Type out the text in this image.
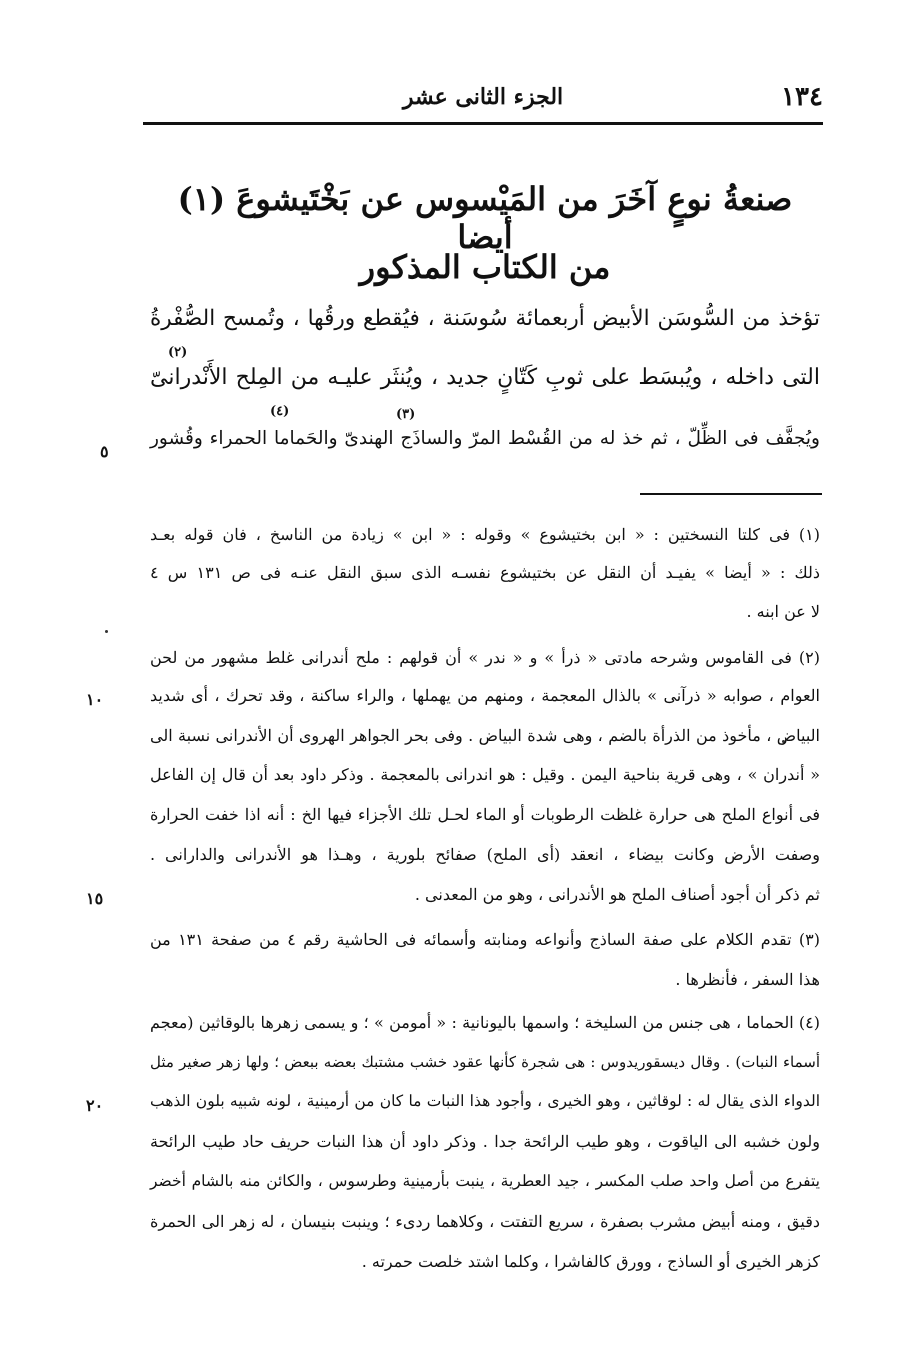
١٣٤
الجزء الثانى عشر
صنعةُ نوعٍ آخَرَ من المَيْسوس عن بَخْتَيشوعَ (١) أيضا
من الكتاب المذكور
تؤخذ من السُّوسَن الأبيض أربعمائة سُوسَنة ، فيُقطع ورقُها ، وتُمسح الصُّفْرةُ
(٢)
التى داخله ، ويُبسَط على ثوبِ كَتّانٍ جديد ، ويُنثَر عليـه من المِلح الأَنْدرانىّ
(٣)
(٤)
ويُجفَّف فى الظِّلّ ، ثم خذ له من القُسْط المرّ والساذَج الهندىّ والحَماما الحمراء وقُشور
٥
(١) فى كلتا النسختين : « ابن بختيشوع » وقوله : « ابن » زيادة من الناسخ ، فان قوله بعـد
ذلك : « أيضا » يفيـد أن النقل عن بختيشوع نفسـه الذى سبق النقل عنـه فى ص ١٣١ س ٤
لا عن ابنه .
(٢) فى القاموس وشرحه مادتى « ذرأ » و « ندر » أن قولهم : ملح أندرانى غلط مشهور من لحن
العوام ، صوابه « ذرآنى » بالذال المعجمة ، ومنهم من يهملها ، والراء ساكنة ، وقد تحرك ، أى شديد
١٠
البياض ، مأخوذ من الذرأة بالضم ، وهى شدة البياض . وفى بحر الجواهر الهروى أن الأندرانى نسبة الى
« أندران » ، وهى قرية بناحية اليمن . وقيل : هو اندرانى بالمعجمة . وذكر داود بعد أن قال إن الفاعل
فى أنواع الملح هى حرارة غلظت الرطوبات أو الماء لحـل تلك الأجزاء فيها الخ : أنه اذا خفت الحرارة
وصفت الأرض وكانت بيضاء ، انعقد (أى الملح) صفائح بلورية ، وهـذا هو الأندرانى والدارانى .
ثم ذكر أن أجود أصناف الملح هو الأندرانى ، وهو من المعدنى .
١٥
(٣) تقدم الكلام على صفة الساذج وأنواعه ومنابته وأسمائه فى الحاشية رقم ٤ من صفحة ١٣١ من
هذا السفر ، فأنظرها .
(٤) الحماما ، هى جنس من السليخة ؛ واسمها باليونانية : « أمومن » ؛ و يسمى زهرها بالوقاثين (معجم
أسماء النبات) . وقال ديسقوريدوس : هى شجرة كأنها عقود خشب مشتبك بعضه ببعض ؛ ولها زهر صغير مثل
الدواء الذى يقال له : لوقاثين ، وهو الخيرى ، وأجود هذا النبات ما كان من أرمينية ، لونه شبيه بلون الذهب
٢٠
ولون خشبه الى الياقوت ، وهو طيب الرائحة جدا . وذكر داود أن هذا النبات حريف حاد طيب الرائحة
يتفرع من أصل واحد صلب المكسر ، جيد العطرية ، ينبت بأرمينية وطرسوس ، والكائن منه بالشام أخضر
دقيق ، ومنه أبيض مشرب بصفرة ، سريع التفتت ، وكلاهما ردىء ؛ وينبت بنيسان ، له زهر الى الحمرة
كزهر الخيرى أو الساذج ، وورق كالفاشرا ، وكلما اشتد خلصت حمرته .
